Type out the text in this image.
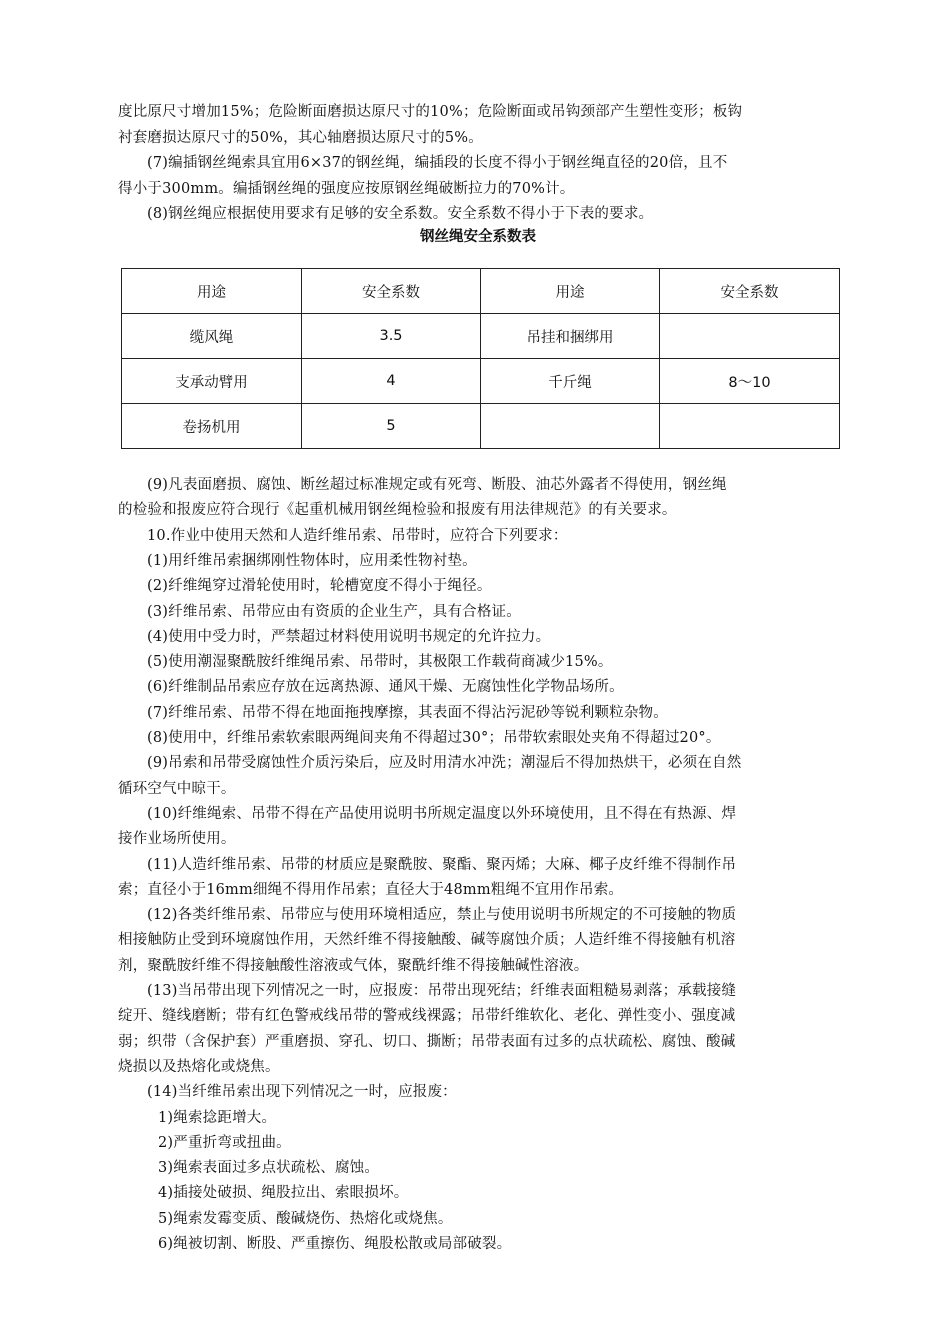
度比原尺寸增加15%；危险断面磨损达原尺寸的10%；危险断面或吊钩颈部产生塑性变形；板钩

衬套磨损达原尺寸的50%，其心轴磨损达原尺寸的5%。

(7)编插钢丝绳索具宜用6×37的钢丝绳，编插段的长度不得小于钢丝绳直径的20倍，且不

得小于300mm。编插钢丝绳的强度应按原钢丝绳破断拉力的70%计。

(8)钢丝绳应根据使用要求有足够的安全系数。安全系数不得小于下表的要求。

钢丝绳安全系数表
用途	安全系数	用途	安全系数
缆风绳	3.5	吊挂和捆绑用	
支承动臂用	4	千斤绳	8～10
卷扬机用	5		

(9)凡表面磨损、腐蚀、断丝超过标准规定或有死弯、断股、油芯外露者不得使用，钢丝绳

的检验和报废应符合现行《起重机械用钢丝绳检验和报废有用法律规范》的有关要求。

10.作业中使用天然和人造纤维吊索、吊带时，应符合下列要求：

(1)用纤维吊索捆绑刚性物体时，应用柔性物衬垫。

(2)纤维绳穿过滑轮使用时，轮槽宽度不得小于绳径。

(3)纤维吊索、吊带应由有资质的企业生产，具有合格证。

(4)使用中受力时，严禁超过材料使用说明书规定的允许拉力。

(5)使用潮湿聚酰胺纤维绳吊索、吊带时，其极限工作载荷商减少15%。

(6)纤维制品吊索应存放在远离热源、通风干燥、无腐蚀性化学物品场所。

(7)纤维吊索、吊带不得在地面拖拽摩擦，其表面不得沾污泥砂等锐利颗粒杂物。

(8)使用中，纤维吊索软索眼两绳间夹角不得超过30°；吊带软索眼处夹角不得超过20°。

(9)吊索和吊带受腐蚀性介质污染后，应及时用清水冲洗；潮湿后不得加热烘干，必须在自然

循环空气中晾干。

(10)纤维绳索、吊带不得在产品使用说明书所规定温度以外环境使用，且不得在有热源、焊

接作业场所使用。

(11)人造纤维吊索、吊带的材质应是聚酰胺、聚酯、聚丙烯；大麻、椰子皮纤维不得制作吊

索；直径小于16mm细绳不得用作吊索；直径大于48mm粗绳不宜用作吊索。

(12)各类纤维吊索、吊带应与使用环境相适应，禁止与使用说明书所规定的不可接触的物质

相接触防止受到环境腐蚀作用，天然纤维不得接触酸、碱等腐蚀介质；人造纤维不得接触有机溶

剂，聚酰胺纤维不得接触酸性溶液或气体，聚酰纤维不得接触碱性溶液。

(13)当吊带出现下列情况之一时，应报废：吊带出现死结；纤维表面粗糙易剥落；承载接缝

绽开、缝线磨断；带有红色警戒线吊带的警戒线裸露；吊带纤维软化、老化、弹性变小、强度减

弱；织带（含保护套）严重磨损、穿孔、切口、撕断；吊带表面有过多的点状疏松、腐蚀、酸碱

烧损以及热熔化或烧焦。

(14)当纤维吊索出现下列情况之一时，应报废：

1)绳索捻距增大。

2)严重折弯或扭曲。

3)绳索表面过多点状疏松、腐蚀。

4)插接处破损、绳股拉出、索眼损坏。

5)绳索发霉变质、酸碱烧伤、热熔化或烧焦。

6)绳被切割、断股、严重擦伤、绳股松散或局部破裂。
